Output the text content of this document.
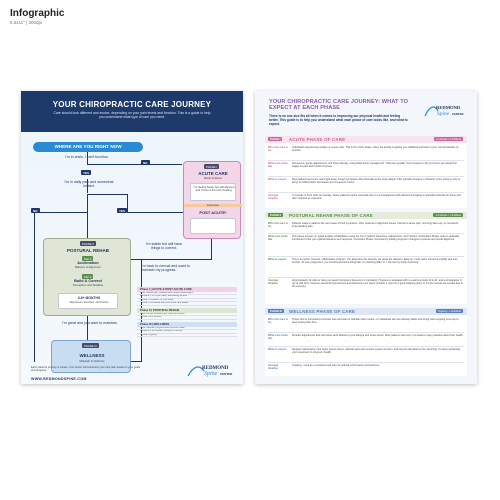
Infographic
8.5x11" | 300dpi
YOUR CHIROPRACTIC CARE JOURNEY
Care should look different and evolve, depending on your pain levels and function. This is a guide to help you understand what type of care you need.
WHERE ARE YOU RIGHT NOW
YES
NO
NO	YES
I'm in crisis, I can't function.
I'm in daily pain and somewhat limited.
I'm stable but still have things to correct.
I'm back to normal and want to maintain my progress.
I'm great and just want to maintain.
PHASE I
ACUTE CARE
Relief & Reset
I'm feeling better but still affected and I have a lot more healing.
Extended
POST ACUTE*
PHASE II
POSTURAL REHAB
Part 1
Acclimation
Balance & Alignment
Part 2
Build & Correct
Strengthen and Stabilize
3-6+ MONTHS
Adjustments, Exercises, and Traction
PHASE III
WELLNESS
Maintain & Optimize
Phase I | ACUTE & POST ACUTE CARE
Goal: relieve pain, stabilize and reduce inflammation
Frequency: 2-3x per week, decreasing as able
Typical: 2-4 weeks, or 8-12 visits
Typical: 6-12 weeks with post acute care added
Phase II | POSTURAL REHAB
Goal: correct structure and improve function
Typical: 3-6+ months
Phase III | WELLNESS
Goal: maintain progress and optimize health
Frequency: as needed, weekly to monthly
Typical: ongoing
Each patient's journey is unique. Your doctor will customize your care plan based on your goals and progress.
WWW.REDMONDSPINE.COM
REDMOND
Spine CENTER
YOUR CHIROPRACTIC CARE JOURNEY: WHAT TO EXPECT AT EACH PHASE
There is no one size fits all when it comes to improving our physical health and feeling better. This guide is to help you understand what each phase of care looks like, and what to expect.
REDMOND
Spine CENTER
PHASE I	ACUTE PHASE OF CARE	2-4 Weeks • 2-3x/Week
Who this care is for
Individuals experiencing sudden or severe pain. This is the 'crisis' phase, when the priority is getting you stabilized and back to your normal baseline of function.
What care looks like
Focused on gentle adjustments, soft tissue therapy, and guided home management. Visits are typically more frequent in the (2-3 times per week) first stages as pain and function improve.
What to expect	Most patients feel some relief right away, though symptoms often fluctuate as the body adapts. Pain typically changes in character (from sharp to sore or achy) as inflammation decreases and movement returns.
Average timeline
2-4 weeks or 8-12 visits on average. Some patients require extended care or co-management with advanced imaging or specialist referrals for those who don't respond as expected.
PHASE II	POSTURAL REHAB PHASE OF CARE	3-6 Months • 1-2x/Week
Who this care is for
Patients ready to address the root cause of their symptoms, often postural or alignment issues, that led to acute pain, recurring flare-ups, or consistent long-standing pain.
What care looks like
This phase focuses on spinal position rehabilitation using the 3-2-1 method: Exercises, Adjustments, and Traction. Acclimation Phase: Care is gradually introduced to find your optimal tolerance and response. Correction Phase: Consistency building long-term changes to posture and spinal alignment.
What to expect	This is an active, focused, collaborative program. You determine the intensity, we guide the direction. Early on, most notice improved mobility and less tension. As care progresses, you should experience things like 'I'm standing taller' or 'I can feel my body improving'.
Average timeline
Approximately 12 visits or twice per week (Consistent frequency is important). Progress is evaluated with re-exams at visits 12 & 24, and a comparative X-ray at visit 36 to measure structural improvement and determine next steps (whether 1 round is a good stopping point, or if more rounds are needed due to the severity).
PHASE III	WELLNESS PHASE OF CARE	Ongoing • 1-2x/Month
Who this care is for
Those who've completed corrective care and want to maintain their results—or individuals who are already stable and simply want ongoing tune-ups to keep feeling their best.
What care looks like
Periodic adjustments and soft tissue work tailored to your lifestyle and stress levels. Most patients visit every 2-4 weeks to stay proactive about their health.
What to expect	Regular maintenance care helps reduce stress, maintain joint and nervous system function, and prevent old patterns from returning. It's about protecting your investment in long-term health.
Average timeline
Ongoing - used as a consistent self-care for optimal performance and wellness.
